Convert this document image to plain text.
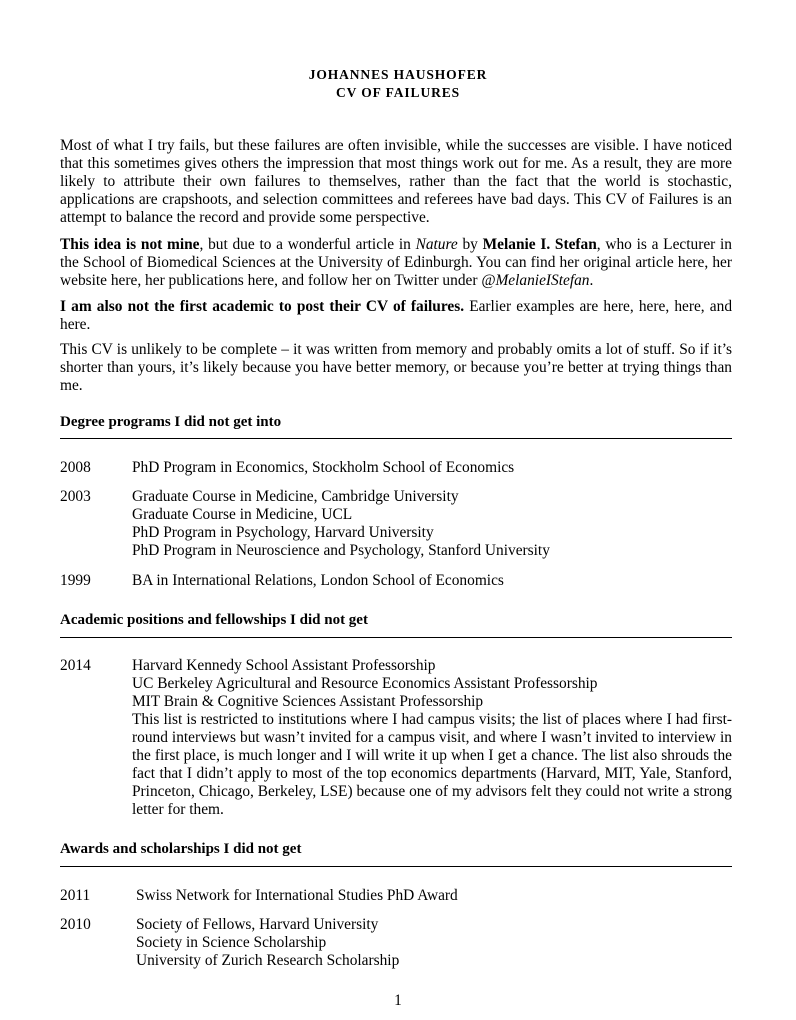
JOHANNES HAUSHOFER
CV OF FAILURES

Most of what I try fails, but these failures are often invisible, while the successes are visible. I have noticed that this sometimes gives others the impression that most things work out for me. As a result, they are more likely to attribute their own failures to themselves, rather than the fact that the world is stochastic, applications are crapshoots, and selection committees and referees have bad days. This CV of Failures is an attempt to balance the record and provide some perspective.

This idea is not mine, but due to a wonderful article in Nature by Melanie I. Stefan, who is a Lecturer in the School of Biomedical Sciences at the University of Edinburgh. You can find her original article here, her website here, her publications here, and follow her on Twitter under @MelanieIStefan.

I am also not the first academic to post their CV of failures. Earlier examples are here, here, here, and here.

This CV is unlikely to be complete – it was written from memory and probably omits a lot of stuff. So if it’s shorter than yours, it’s likely because you have better memory, or because you’re better at trying things than me.

Degree programs I did not get into
2008	PhD Program in Economics, Stockholm School of Economics
2003	Graduate Course in Medicine, Cambridge University
Graduate Course in Medicine, UCL
PhD Program in Psychology, Harvard University
PhD Program in Neuroscience and Psychology, Stanford University
1999	BA in International Relations, London School of Economics
Academic positions and fellowships I did not get
2014	Harvard Kennedy School Assistant Professorship
UC Berkeley Agricultural and Resource Economics Assistant Professorship
MIT Brain & Cognitive Sciences Assistant Professorship
This list is restricted to institutions where I had campus visits; the list of places where I had first-round interviews but wasn’t invited for a campus visit, and where I wasn’t invited to interview in the first place, is much longer and I will write it up when I get a chance. The list also shrouds the fact that I didn’t apply to most of the top economics departments (Harvard, MIT, Yale, Stanford, Princeton, Chicago, Berkeley, LSE) because one of my advisors felt they could not write a strong letter for them.
Awards and scholarships I did not get
2011	Swiss Network for International Studies PhD Award
2010	Society of Fellows, Harvard University
Society in Science Scholarship
University of Zurich Research Scholarship
1
